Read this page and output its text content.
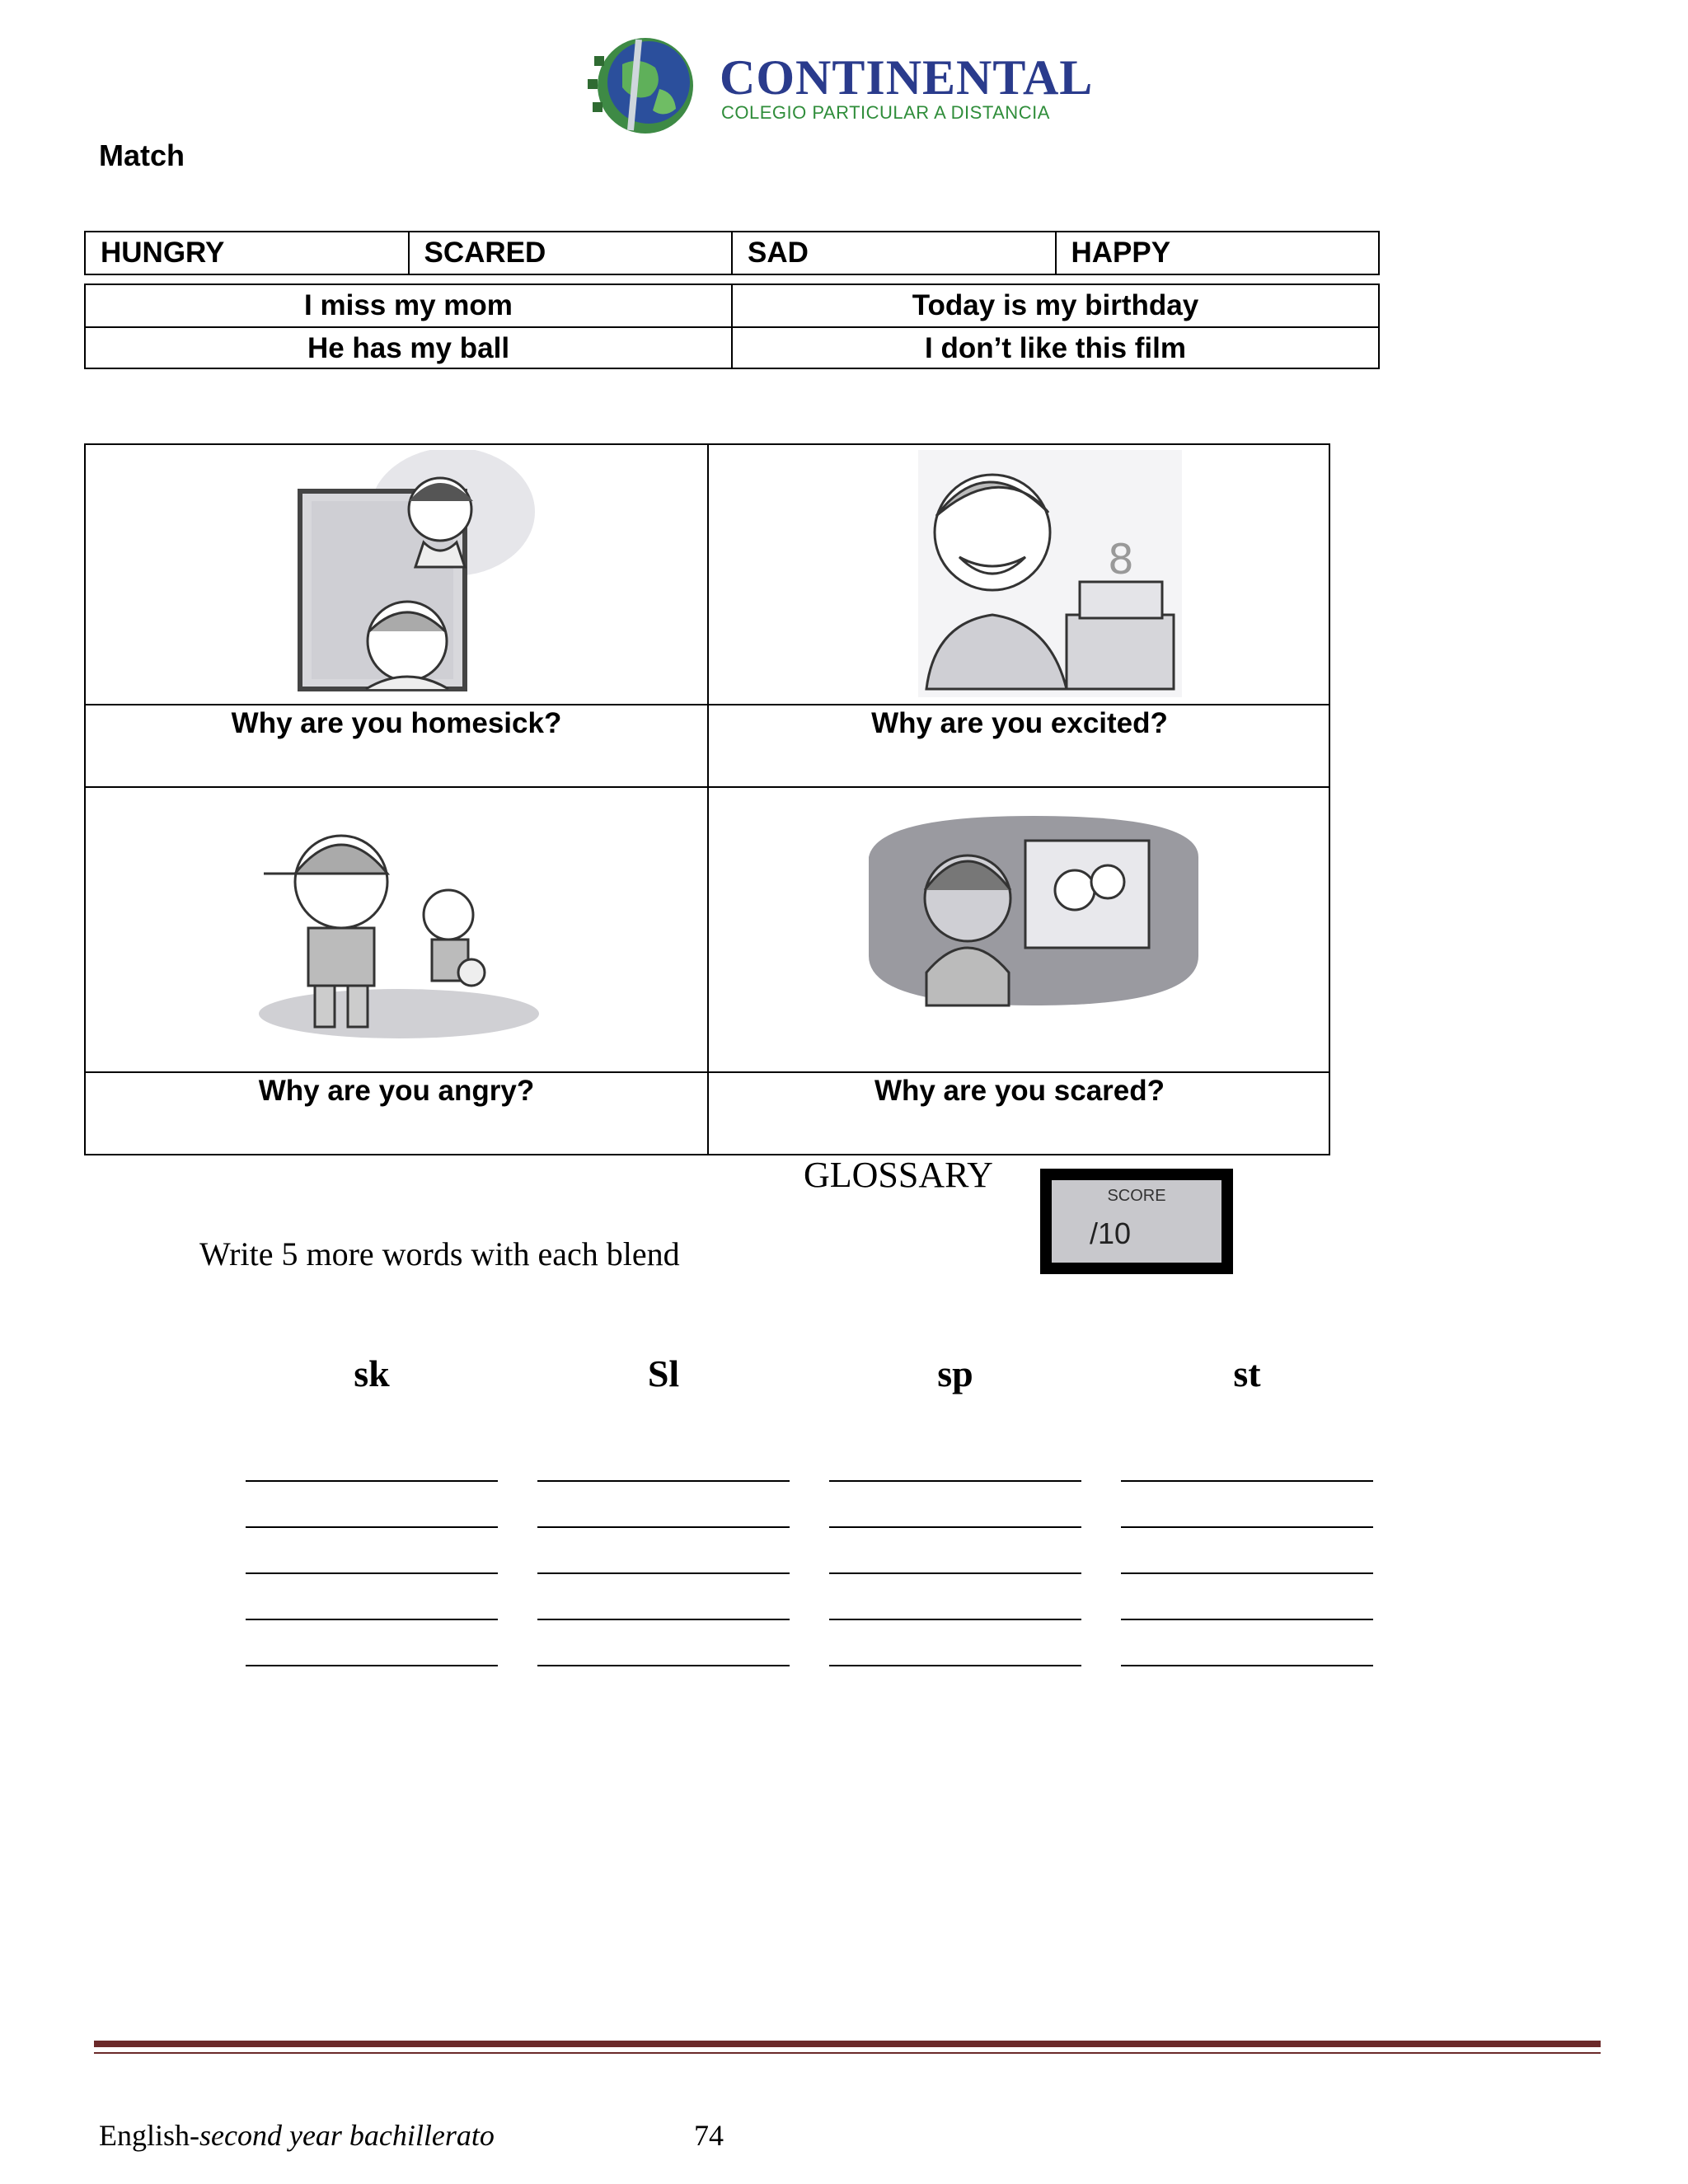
CONTINENTAL
COLEGIO PARTICULAR A DISTANCIA
Match
HUNGRY	SCARED	SAD	HAPPY
I miss my mom	Today is my birthday
He has my ball	I don’t like this film
8
Why are you homesick?	Why are you excited?
Why are you angry?	Why are you scared?
GLOSSARY
SCORE
/10
Write 5 more words with each blend
sk	Sl	sp	st
English-second year bachillerato	74
